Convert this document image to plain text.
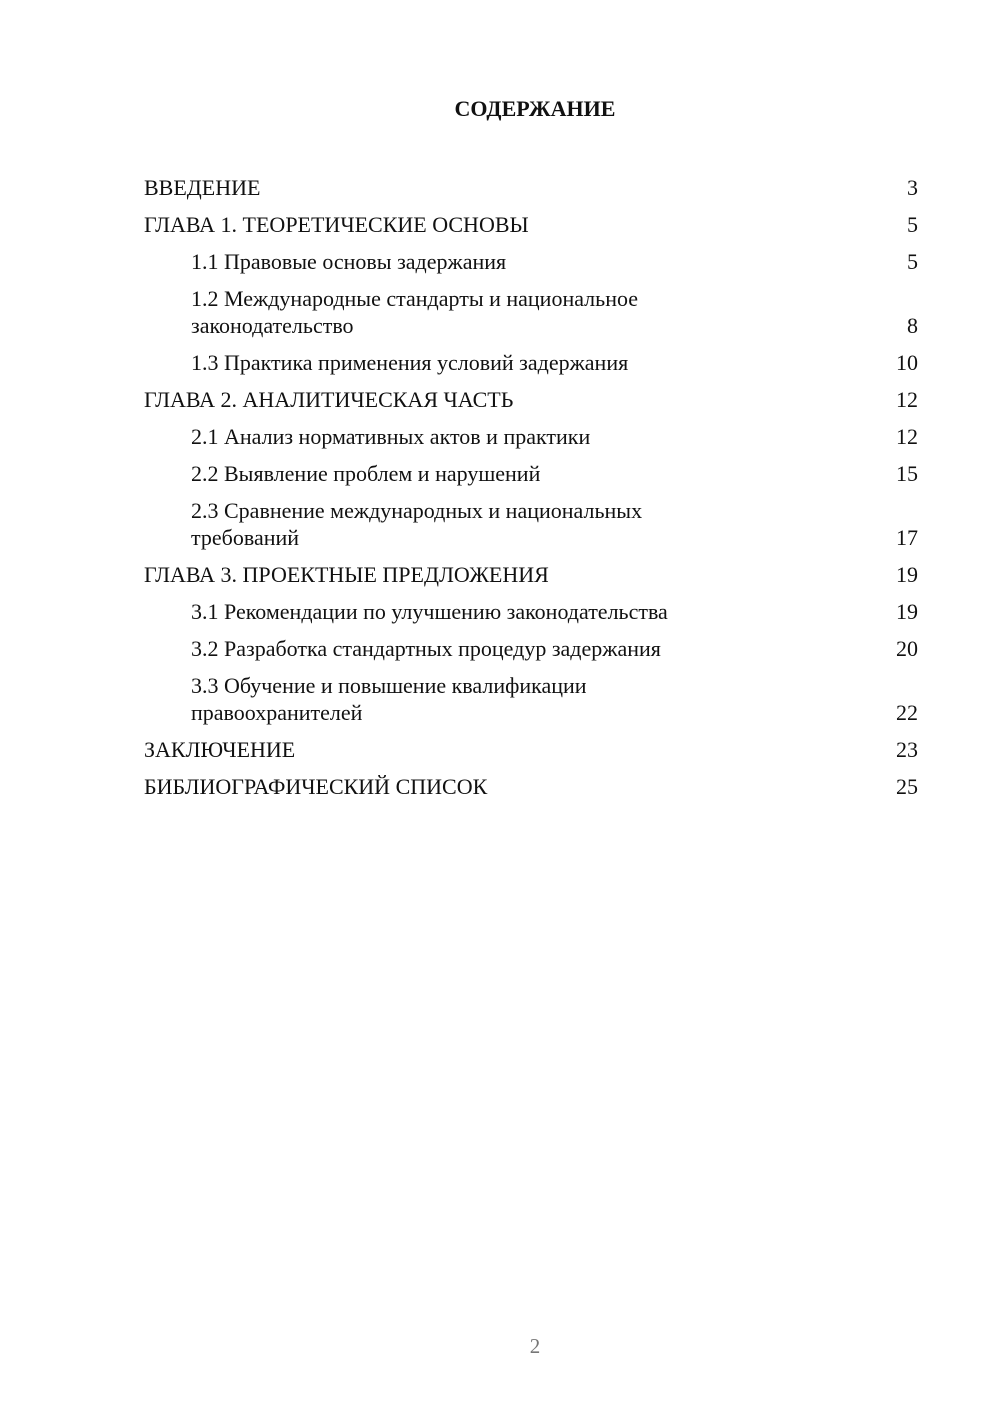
СОДЕРЖАНИЕ
ВВЕДЕНИЕ	3
ГЛАВА 1. ТЕОРЕТИЧЕСКИЕ ОСНОВЫ	5
1.1 Правовые основы задержания	5
1.2 Международные стандарты и национальное законодательство	8
1.3 Практика применения условий задержания	10
ГЛАВА 2. АНАЛИТИЧЕСКАЯ ЧАСТЬ	12
2.1 Анализ нормативных актов и практики	12
2.2 Выявление проблем и нарушений	15
2.3 Сравнение международных и национальных требований	17
ГЛАВА 3. ПРОЕКТНЫЕ ПРЕДЛОЖЕНИЯ	19
3.1 Рекомендации по улучшению законодательства	19
3.2 Разработка стандартных процедур задержания	20
3.3 Обучение и повышение квалификации правоохранителей	22
ЗАКЛЮЧЕНИЕ	23
БИБЛИОГРАФИЧЕСКИЙ СПИСОК	25
2
